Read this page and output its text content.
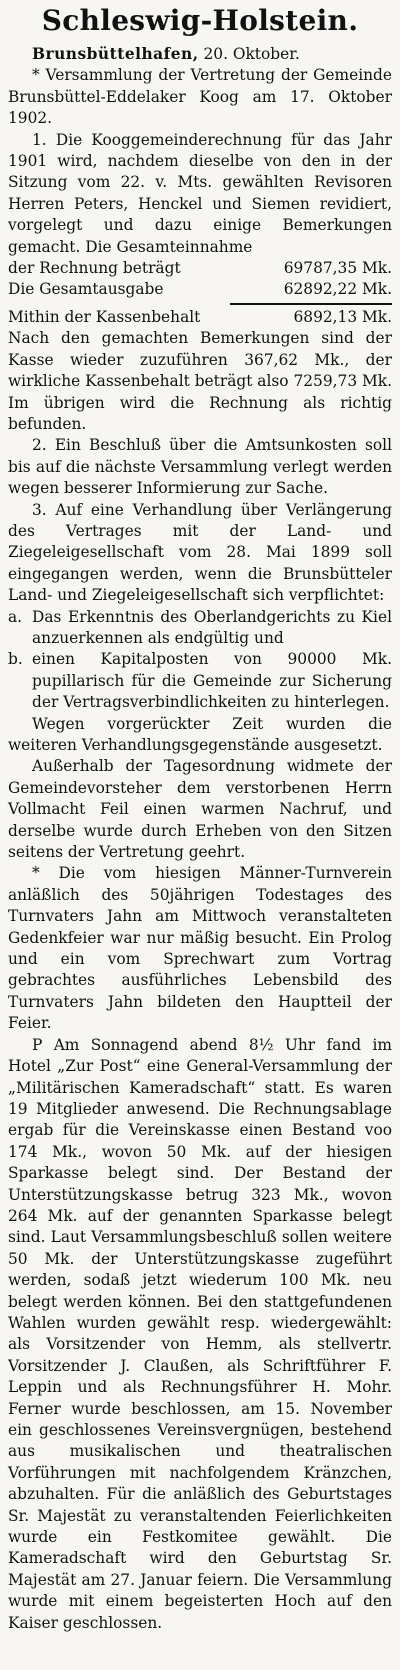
Schleswig-Holstein.

Brunsbüttelhafen, 20. Oktober.

* Versammlung der Vertretung der Gemeinde Brunsbüttel-Eddelaker Koog am 17. Oktober 1902.

1. Die Kooggemeinderechnung für das Jahr 1901 wird, nachdem dieselbe von den in der Sitzung vom 22. v. Mts. gewählten Revisoren Herren Peters, Henckel und Siemen revidiert, vorgelegt und dazu einige Bemerkungen gemacht. Die Gesamteinnahme

der Rechnung beträgt	69787,35 Mk.
Die Gesamtausgabe	62892,22 Mk.
Mithin der Kassenbehalt	6892,13 Mk.

Nach den gemachten Bemerkungen sind der Kasse wieder zuzuführen 367,62 Mk., der wirkliche Kassenbehalt beträgt also 7259,73 Mk. Im übrigen wird die Rechnung als richtig befunden.

2. Ein Beschluß über die Amtsunkosten soll bis auf die nächste Versammlung verlegt werden wegen besserer Informierung zur Sache.

3. Auf eine Verhandlung über Verlängerung des Vertrages mit der Land- und Ziegeleigesellschaft vom 28. Mai 1899 soll eingegangen werden, wenn die Brunsbütteler Land- und Ziegeleigesellschaft sich verpflichtet:

a. Das Erkenntnis des Oberlandgerichts zu Kiel anzuerkennen als endgültig und
b. einen Kapitalposten von 90000 Mk. pupillarisch für die Gemeinde zur Sicherung der Vertragsverbindlichkeiten zu hinterlegen.

Wegen vorgerückter Zeit wurden die weiteren Verhandlungsgegenstände ausgesetzt.

Außerhalb der Tagesordnung widmete der Gemeindevorsteher dem verstorbenen Herrn Vollmacht Feil einen warmen Nachruf, und derselbe wurde durch Erheben von den Sitzen seitens der Vertretung geehrt.

* Die vom hiesigen Männer-Turnverein anläßlich des 50jährigen Todestages des Turnvaters Jahn am Mittwoch veranstalteten Gedenkfeier war nur mäßig besucht. Ein Prolog und ein vom Sprechwart zum Vortrag gebrachtes ausführliches Lebensbild des Turnvaters Jahn bildeten den Hauptteil der Feier.

P Am Sonnagend abend 8½ Uhr fand im Hotel „Zur Post“ eine General-Versammlung der „Militärischen Kameradschaft“ statt. Es waren 19 Mitglieder anwesend. Die Rechnungsablage ergab für die Vereinskasse einen Bestand voo 174 Mk., wovon 50 Mk. auf der hiesigen Sparkasse belegt sind. Der Bestand der Unterstützungskasse betrug 323 Mk., wovon 264 Mk. auf der genannten Sparkasse belegt sind. Laut Versammlungsbeschluß sollen weitere 50 Mk. der Unterstützungskasse zugeführt werden, sodaß jetzt wiederum 100 Mk. neu belegt werden können. Bei den stattgefundenen Wahlen wurden gewählt resp. wiedergewählt: als Vorsitzender von Hemm, als stellvertr. Vorsitzender J. Claußen, als Schriftführer F. Leppin und als Rechnungsführer H. Mohr. Ferner wurde beschlossen, am 15. November ein geschlossenes Vereinsvergnügen, bestehend aus musikalischen und theatralischen Vorführungen mit nachfolgendem Kränzchen, abzuhalten. Für die anläßlich des Geburtstages Sr. Majestät zu veranstaltenden Feierlichkeiten wurde ein Festkomitee gewählt. Die Kameradschaft wird den Geburtstag Sr. Majestät am 27. Januar feiern. Die Versammlung wurde mit einem begeisterten Hoch auf den Kaiser geschlossen.
